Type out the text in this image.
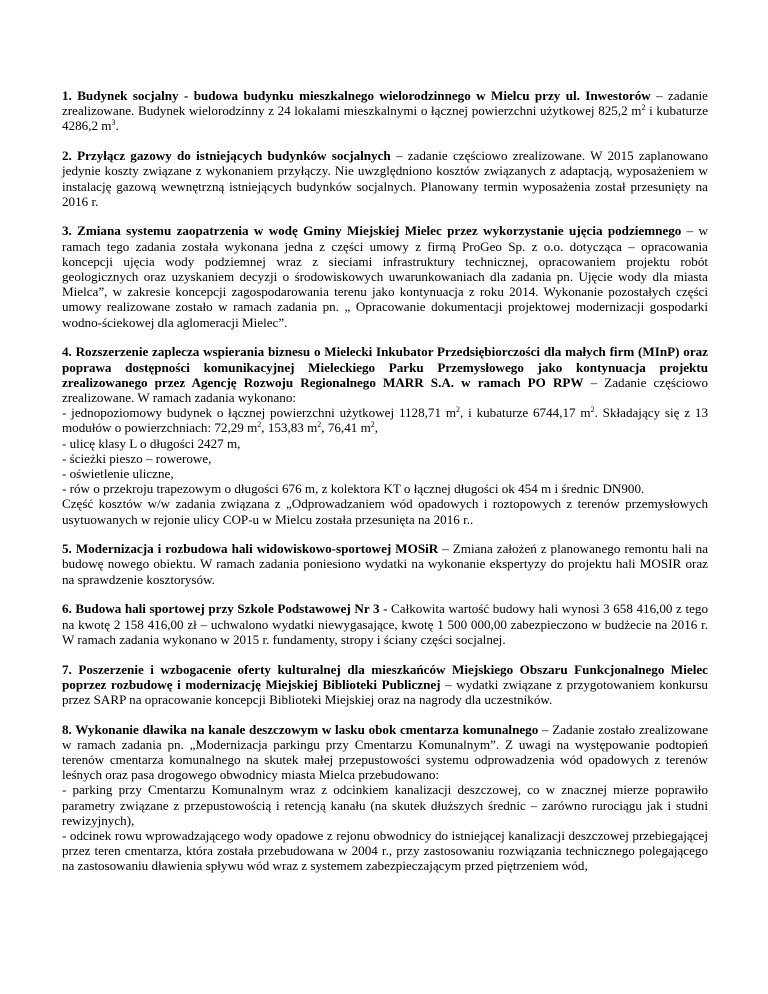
1. Budynek socjalny - budowa budynku mieszkalnego wielorodzinnego w Mielcu przy ul. Inwestorów – zadanie zrealizowane. Budynek wielorodzinny z 24 lokalami mieszkalnymi o łącznej powierzchni użytkowej 825,2 $m^2$ i kubaturze 4286,2 $m^3$.

2. Przyłącz gazowy do istniejących budynków socjalnych – zadanie częściowo zrealizowane. W 2015 zaplanowano jedynie koszty związane z wykonaniem przyłączy. Nie uwzględniono kosztów związanych z adaptacją, wyposażeniem w instalację gazową wewnętrzną istniejących budynków socjalnych. Planowany termin wyposażenia został przesunięty na 2016 r.

3. Zmiana systemu zaopatrzenia w wodę Gminy Miejskiej Mielec przez wykorzystanie ujęcia podziemnego – w ramach tego zadania została wykonana jedna z części umowy z firmą ProGeo Sp. z o.o. dotycząca – opracowania koncepcji ujęcia wody podziemnej wraz z sieciami infrastruktury technicznej, opracowaniem projektu robót geologicznych oraz uzyskaniem decyzji o środowiskowych uwarunkowaniach dla zadania pn. Ujęcie wody dla miasta Mielca”, w zakresie koncepcji zagospodarowania terenu jako kontynuacja z roku 2014. Wykonanie pozostałych części umowy realizowane zostało w ramach zadania pn. „ Opracowanie dokumentacji projektowej modernizacji gospodarki wodno-ściekowej dla aglomeracji Mielec”.

4. Rozszerzenie zaplecza wspierania biznesu o Mielecki Inkubator Przedsiębiorczości dla małych firm (MInP) oraz poprawa dostępności komunikacyjnej Mieleckiego Parku Przemysłowego jako kontynuacja projektu zrealizowanego przez Agencję Rozwoju Regionalnego MARR S.A. w ramach PO RPW – Zadanie częściowo zrealizowane. W ramach zadania wykonano:
- jednopoziomowy budynek o łącznej powierzchni użytkowej 1128,71 $m^2$, i kubaturze 6744,17 $m^2$. Składający się z 13 modułów o powierzchniach: 72,29 $m^2$, 153,83 $m^2$, 76,41 $m^2$,
- ulicę klasy L o długości 2427 m,
- ścieżki pieszo – rowerowe,
- oświetlenie uliczne,
- rów o przekroju trapezowym o długości 676 m, z kolektora KT o łącznej długości ok 454 m i średnic DN900.
Część kosztów w/w zadania związana z „Odprowadzaniem wód opadowych i roztopowych z terenów przemysłowych usytuowanych w rejonie ulicy COP-u w Mielcu została przesunięta na 2016 r..

5. Modernizacja i rozbudowa hali widowiskowo-sportowej MOSiR – Zmiana założeń z planowanego remontu hali na budowę nowego obiektu. W ramach zadania poniesiono wydatki na wykonanie ekspertyzy do projektu hali MOSIR oraz na sprawdzenie kosztorysów.

6. Budowa hali sportowej przy Szkole Podstawowej Nr 3 - Całkowita wartość budowy hali wynosi 3 658 416,00 z tego na kwotę 2 158 416,00 zł – uchwalono wydatki niewygasające, kwotę 1 500 000,00 zabezpieczono w budżecie na 2016 r. W ramach zadania wykonano w 2015 r. fundamenty, stropy i ściany części socjalnej.

7. Poszerzenie i wzbogacenie oferty kulturalnej dla mieszkańców Miejskiego Obszaru Funkcjonalnego Mielec poprzez rozbudowę i modernizację Miejskiej Biblioteki Publicznej – wydatki związane z przygotowaniem konkursu przez SARP na opracowanie koncepcji Biblioteki Miejskiej oraz na nagrody dla uczestników.

8. Wykonanie dławika na kanale deszczowym w lasku obok cmentarza komunalnego – Zadanie zostało zrealizowane w ramach zadania pn. „Modernizacja parkingu przy Cmentarzu Komunalnym”. Z uwagi na występowanie podtopień terenów cmentarza komunalnego na skutek małej przepustowości systemu odprowadzenia wód opadowych z terenów leśnych oraz pasa drogowego obwodnicy miasta Mielca przebudowano:
- parking przy Cmentarzu Komunalnym wraz z odcinkiem kanalizacji deszczowej, co w znacznej mierze poprawiło parametry związane z przepustowością i retencją kanału (na skutek dłuższych średnic – zarówno rurociągu jak i studni rewizyjnych),
- odcinek rowu wprowadzającego wody opadowe z rejonu obwodnicy do istniejącej kanalizacji deszczowej przebiegającej przez teren cmentarza, która została przebudowana w 2004 r., przy zastosowaniu rozwiązania technicznego polegającego na zastosowaniu dławienia spływu wód wraz z systemem zabezpieczającym przed piętrzeniem wód,
